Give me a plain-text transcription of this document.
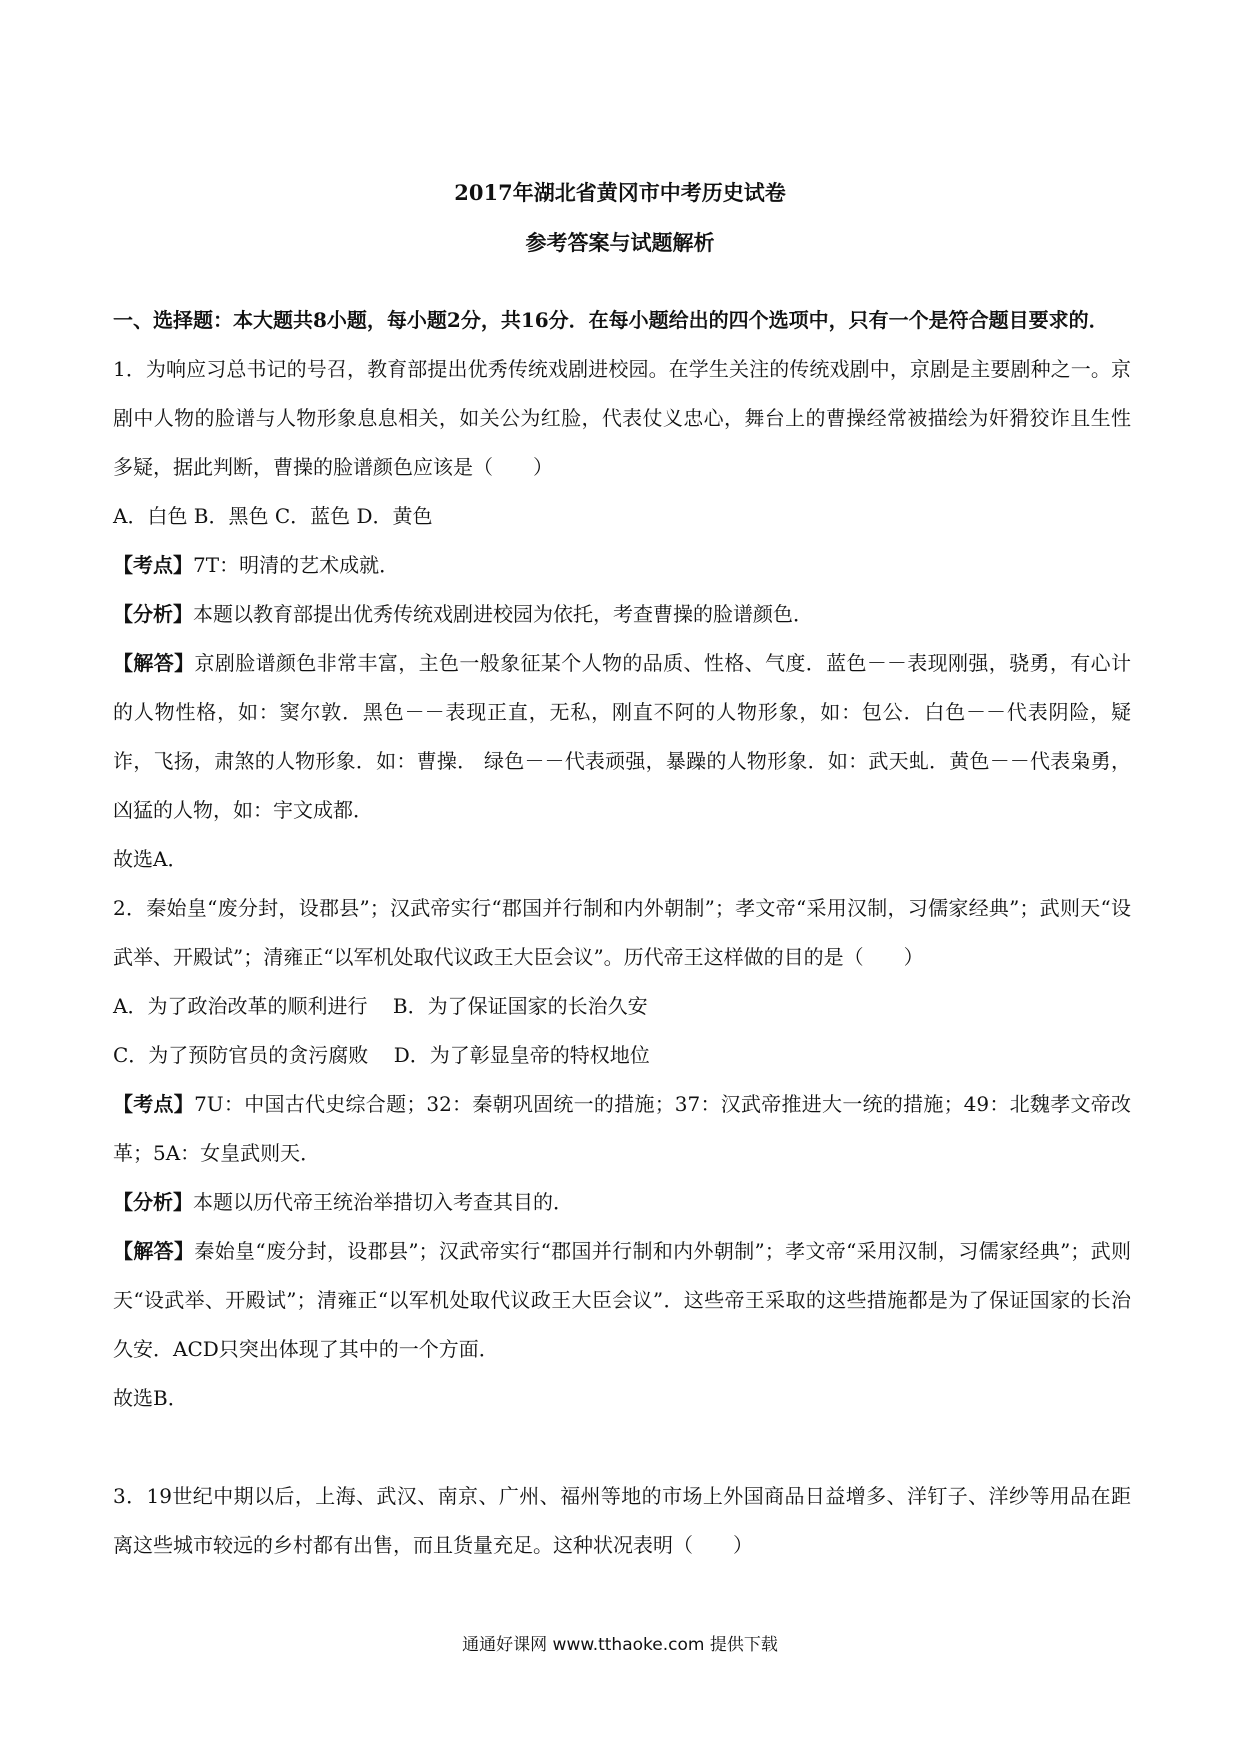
2017年湖北省黄冈市中考历史试卷
参考答案与试题解析

一、选择题：本大题共8小题，每小题2分，共16分．在每小题给出的四个选项中，只有一个是符合题目要求的．

1．为响应习总书记的号召，教育部提出优秀传统戏剧进校园。在学生关注的传统戏剧中，京剧是主要剧种之一。京剧中人物的脸谱与人物形象息息相关，如关公为红脸，代表仗义忠心，舞台上的曹操经常被描绘为奸猾狡诈且生性多疑，据此判断，曹操的脸谱颜色应该是（　　）

A．白色 B．黑色 C．蓝色 D．黄色

【考点】7T：明清的艺术成就．

【分析】本题以教育部提出优秀传统戏剧进校园为依托，考查曹操的脸谱颜色．

【解答】京剧脸谱颜色非常丰富，主色一般象征某个人物的品质、性格、气度．蓝色－－表现刚强，骁勇，有心计的人物性格，如：窦尔敦．黑色－－表现正直，无私，刚直不阿的人物形象，如：包公．白色－－代表阴险，疑诈，飞扬，肃煞的人物形象．如：曹操． 绿色－－代表顽强，暴躁的人物形象．如：武天虬．黄色－－代表枭勇，凶猛的人物，如：宇文成都．

故选A．

2．秦始皇“废分封，设郡县”；汉武帝实行“郡国并行制和内外朝制”；孝文帝“采用汉制，习儒家经典”；武则天“设武举、开殿试”；清雍正“以军机处取代议政王大臣会议”。历代帝王这样做的目的是（　　）

A．为了政治改革的顺利进行 B．为了保证国家的长治久安

C．为了预防官员的贪污腐败 D．为了彰显皇帝的特权地位

【考点】7U：中国古代史综合题；32：秦朝巩固统一的措施；37：汉武帝推进大一统的措施；49：北魏孝文帝改革；5A：女皇武则天．

【分析】本题以历代帝王统治举措切入考查其目的．

【解答】秦始皇“废分封，设郡县”；汉武帝实行“郡国并行制和内外朝制”；孝文帝“采用汉制，习儒家经典”；武则天“设武举、开殿试”；清雍正“以军机处取代议政王大臣会议”．这些帝王采取的这些措施都是为了保证国家的长治久安．ACD只突出体现了其中的一个方面．

故选B．

3．19世纪中期以后，上海、武汉、南京、广州、福州等地的市场上外国商品日益增多、洋钉子、洋纱等用品在距离这些城市较远的乡村都有出售，而且货量充足。这种状况表明（　　）

通通好课网 www.tthaoke.com 提供下载
